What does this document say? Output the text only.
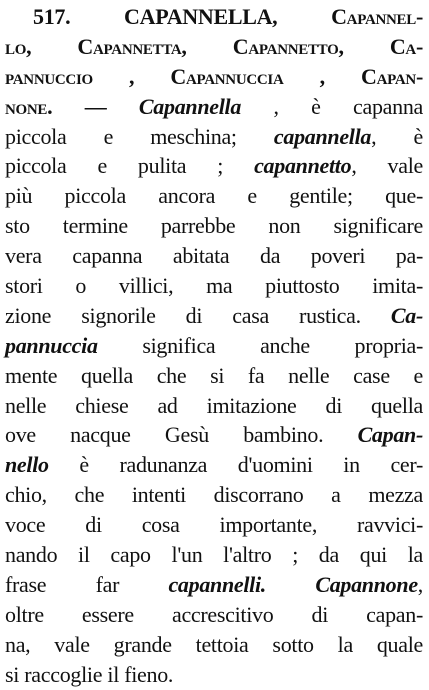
517. CAPANNELLA, Capannel-
lo, Capannetta, Capannetto, Ca-
pannuccio , Capannuccia , Capan-
none. — Capannella , è capanna
piccola e meschina; capannella, è
piccola e pulita ; capannetto, vale
più piccola ancora e gentile; que-
sto termine parrebbe non significare
vera capanna abitata da poveri pa-
stori o villici, ma piuttosto imita-
zione signorile di casa rustica. Ca-
pannuccia significa anche propria-
mente quella che si fa nelle case e
nelle chiese ad imitazione di quella
ove nacque Gesù bambino. Capan-
nello è radunanza d'uomini in cer-
chio, che intenti discorrano a mezza
voce di cosa importante, ravvici-
nando il capo l'un l'altro ; da qui la
frase far capannelli. Capannone,
oltre essere accrescitivo di capan-
na, vale grande tettoia sotto la quale
si raccoglie il fieno.
